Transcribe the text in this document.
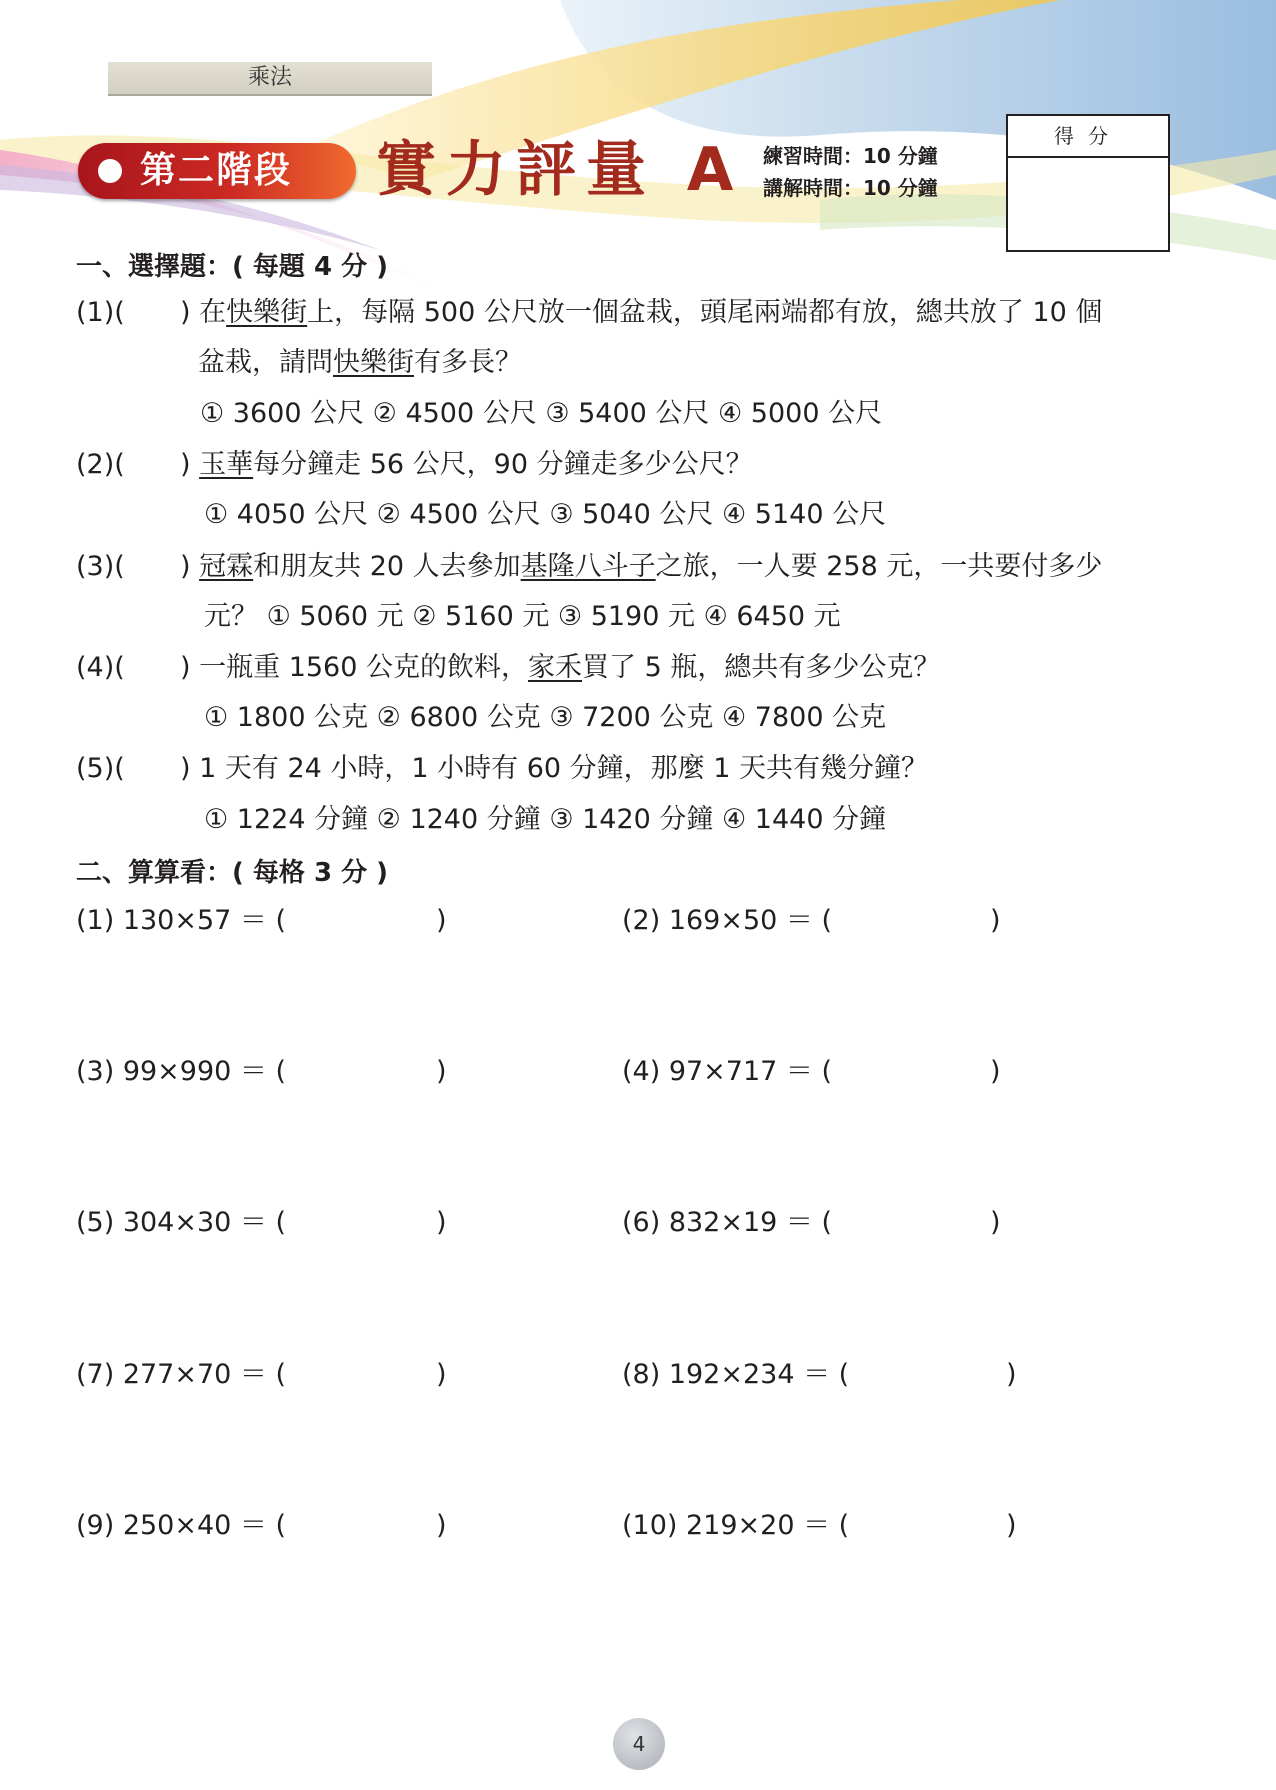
乘法
第二階段 實力評量 A 練習時間：10 分鐘
講解時間：10 分鐘
得分
一、選擇題：( 每題 4 分 )
(1)( ) 在快樂街上，每隔 500 公尺放一個盆栽，頭尾兩端都有放，總共放了 10 個
盆栽，請問快樂街有多長？
① 3600 公尺 ② 4500 公尺 ③ 5400 公尺 ④ 5000 公尺
(2)( ) 玉華每分鐘走 56 公尺，90 分鐘走多少公尺？
① 4050 公尺 ② 4500 公尺 ③ 5040 公尺 ④ 5140 公尺
(3)( ) 冠霖和朋友共 20 人去參加基隆八斗子之旅，一人要 258 元，一共要付多少
元？ ① 5060 元 ② 5160 元 ③ 5190 元 ④ 6450 元
(4)( ) 一瓶重 1560 公克的飲料，家禾買了 5 瓶，總共有多少公克？
① 1800 公克 ② 6800 公克 ③ 7200 公克 ④ 7800 公克
(5)( ) 1 天有 24 小時，1 小時有 60 分鐘，那麼 1 天共有幾分鐘？
① 1224 分鐘 ② 1240 分鐘 ③ 1420 分鐘 ④ 1440 分鐘
二、算算看：( 每格 3 分 )
(1) 130×57 ＝ (	)	(2) 169×50 ＝ (	)
(3) 99×990 ＝ (	)	(4) 97×717 ＝ (	)
(5) 304×30 ＝ (	)	(6) 832×19 ＝ (	)
(7) 277×70 ＝ (	)	(8) 192×234 ＝ (	)
(9) 250×40 ＝ (	)	(10) 219×20 ＝ (	)
4
